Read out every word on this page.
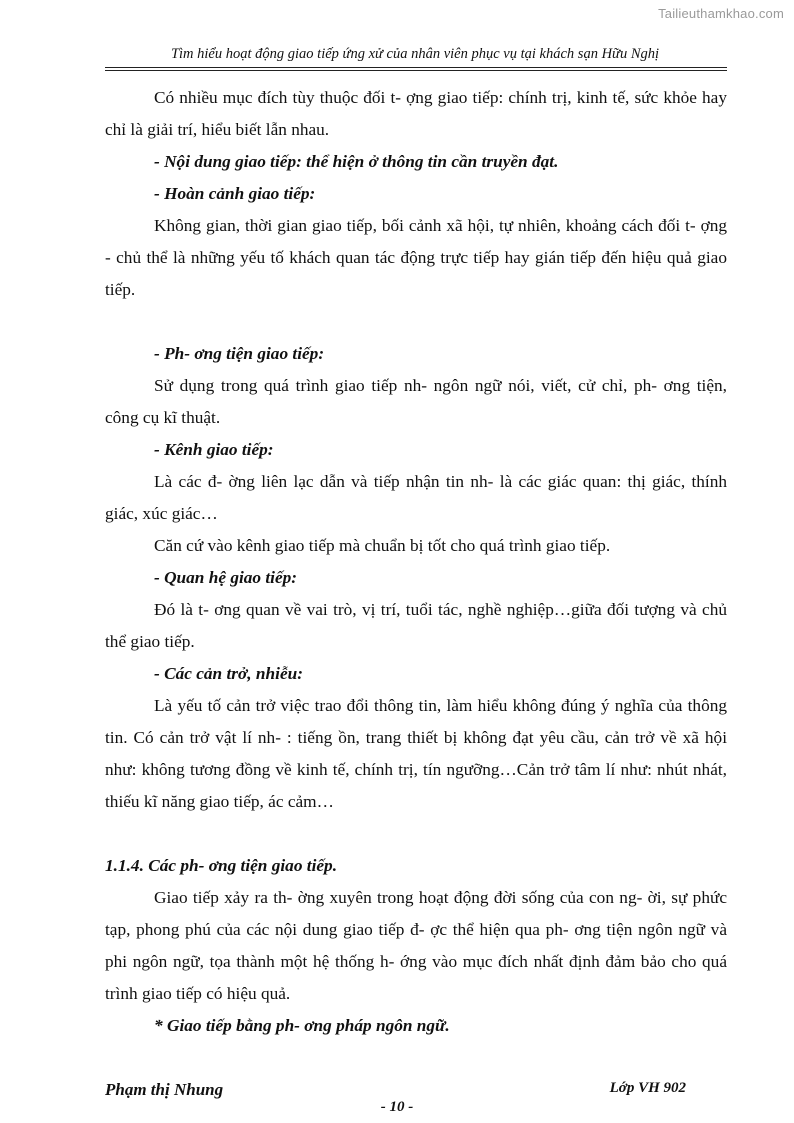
Tailieuthamkhao.com
Tìm hiểu hoạt động giao tiếp ứng xử của nhân viên phục vụ tại khách sạn Hữu Nghị

Có nhiều mục đích tùy thuộc đối t- ợng giao tiếp: chính trị, kinh tế, sức khỏe hay chỉ là giải trí, hiểu biết lẫn nhau.

- Nội dung giao tiếp: thể hiện ở thông tin cần truyền đạt.

- Hoàn cảnh giao tiếp:

Không gian, thời gian giao tiếp, bối cảnh xã hội, tự nhiên, khoảng cách đối t- ợng - chủ thể là những yếu tố khách quan tác động trực tiếp hay gián tiếp đến hiệu quả giao tiếp.

- Ph- ơng tiện giao tiếp:

Sử dụng trong quá trình giao tiếp nh- ngôn ngữ nói, viết, cử chỉ, ph- ơng tiện, công cụ kĩ thuật.

- Kênh giao tiếp:

Là các đ- ờng liên lạc dẫn và tiếp nhận tin nh- là các giác quan: thị giác, thính giác, xúc giác…

Căn cứ vào kênh giao tiếp mà chuẩn bị tốt cho quá trình giao tiếp.

- Quan hệ giao tiếp:

Đó là t- ơng quan về vai trò, vị trí, tuổi tác, nghề nghiệp…giữa đối tượng và chủ thể giao tiếp.

- Các cản trở, nhiễu:

Là yếu tố cản trở việc trao đổi thông tin, làm hiểu không đúng ý nghĩa của thông tin. Có cản trở vật lí nh- : tiếng ồn, trang thiết bị không đạt yêu cầu, cản trở về xã hội như: không tương đồng về kinh tế, chính trị, tín ngưỡng…Cản trở tâm lí như: nhút nhát, thiếu kĩ năng giao tiếp, ác cảm…

1.1.4. Các ph- ơng tiện giao tiếp.

Giao tiếp xảy ra th- ờng xuyên trong hoạt động đời sống của con ng- ời, sự phức tạp, phong phú của các nội dung giao tiếp đ- ợc thể hiện qua ph- ơng tiện ngôn ngữ và phi ngôn ngữ, tọa thành một hệ thống h- ớng vào mục đích nhất định đảm bảo cho quá trình giao tiếp có hiệu quả.

* Giao tiếp bằng ph- ơng pháp ngôn ngữ.

Phạm thị Nhung	Lớp VH 902
- 10 -
